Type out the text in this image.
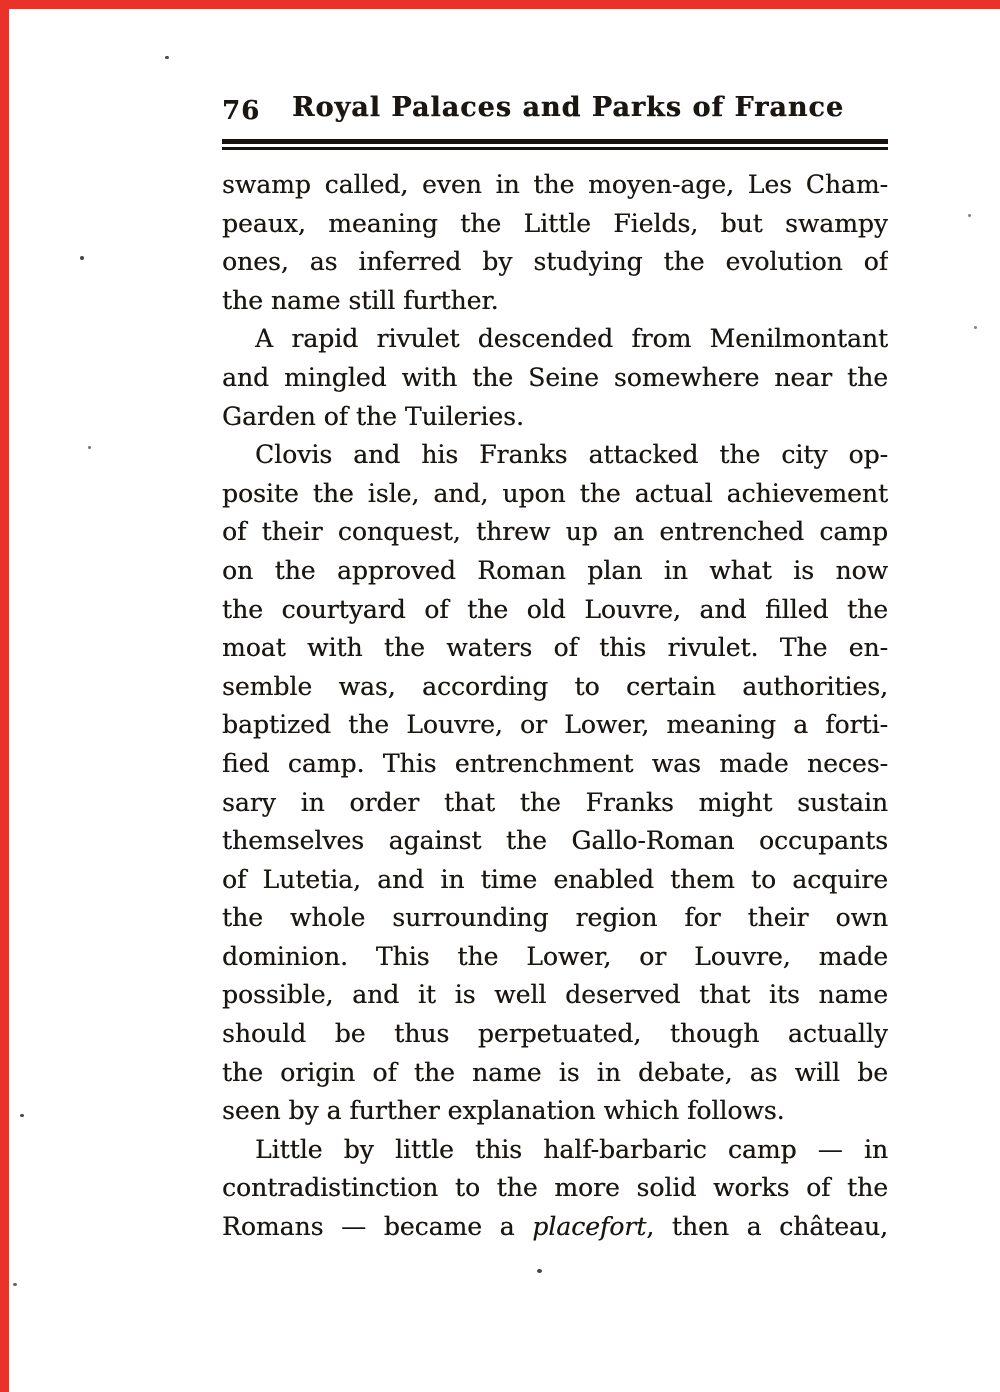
76	Royal Palaces and Parks of France
swamp called, even in the moyen-age, Les Cham-
peaux, meaning the Little Fields, but swampy
ones, as inferred by studying the evolution of
the name still further.
A rapid rivulet descended from Menilmontant
and mingled with the Seine somewhere near the
Garden of the Tuileries.
Clovis and his Franks attacked the city op-
posite the isle, and, upon the actual achievement
of their conquest, threw up an entrenched camp
on the approved Roman plan in what is now
the courtyard of the old Louvre, and filled the
moat with the waters of this rivulet. The en-
semble was, according to certain authorities,
baptized the Louvre, or Lower, meaning a forti-
fied camp. This entrenchment was made neces-
sary in order that the Franks might sustain
themselves against the Gallo-Roman occupants
of Lutetia, and in time enabled them to acquire
the whole surrounding region for their own
dominion. This the Lower, or Louvre, made
possible, and it is well deserved that its name
should be thus perpetuated, though actually
the origin of the name is in debate, as will be
seen by a further explanation which follows.
Little by little this half-barbaric camp — in
contradistinction to the more solid works of the
Romans — became a placefort, then a château,
